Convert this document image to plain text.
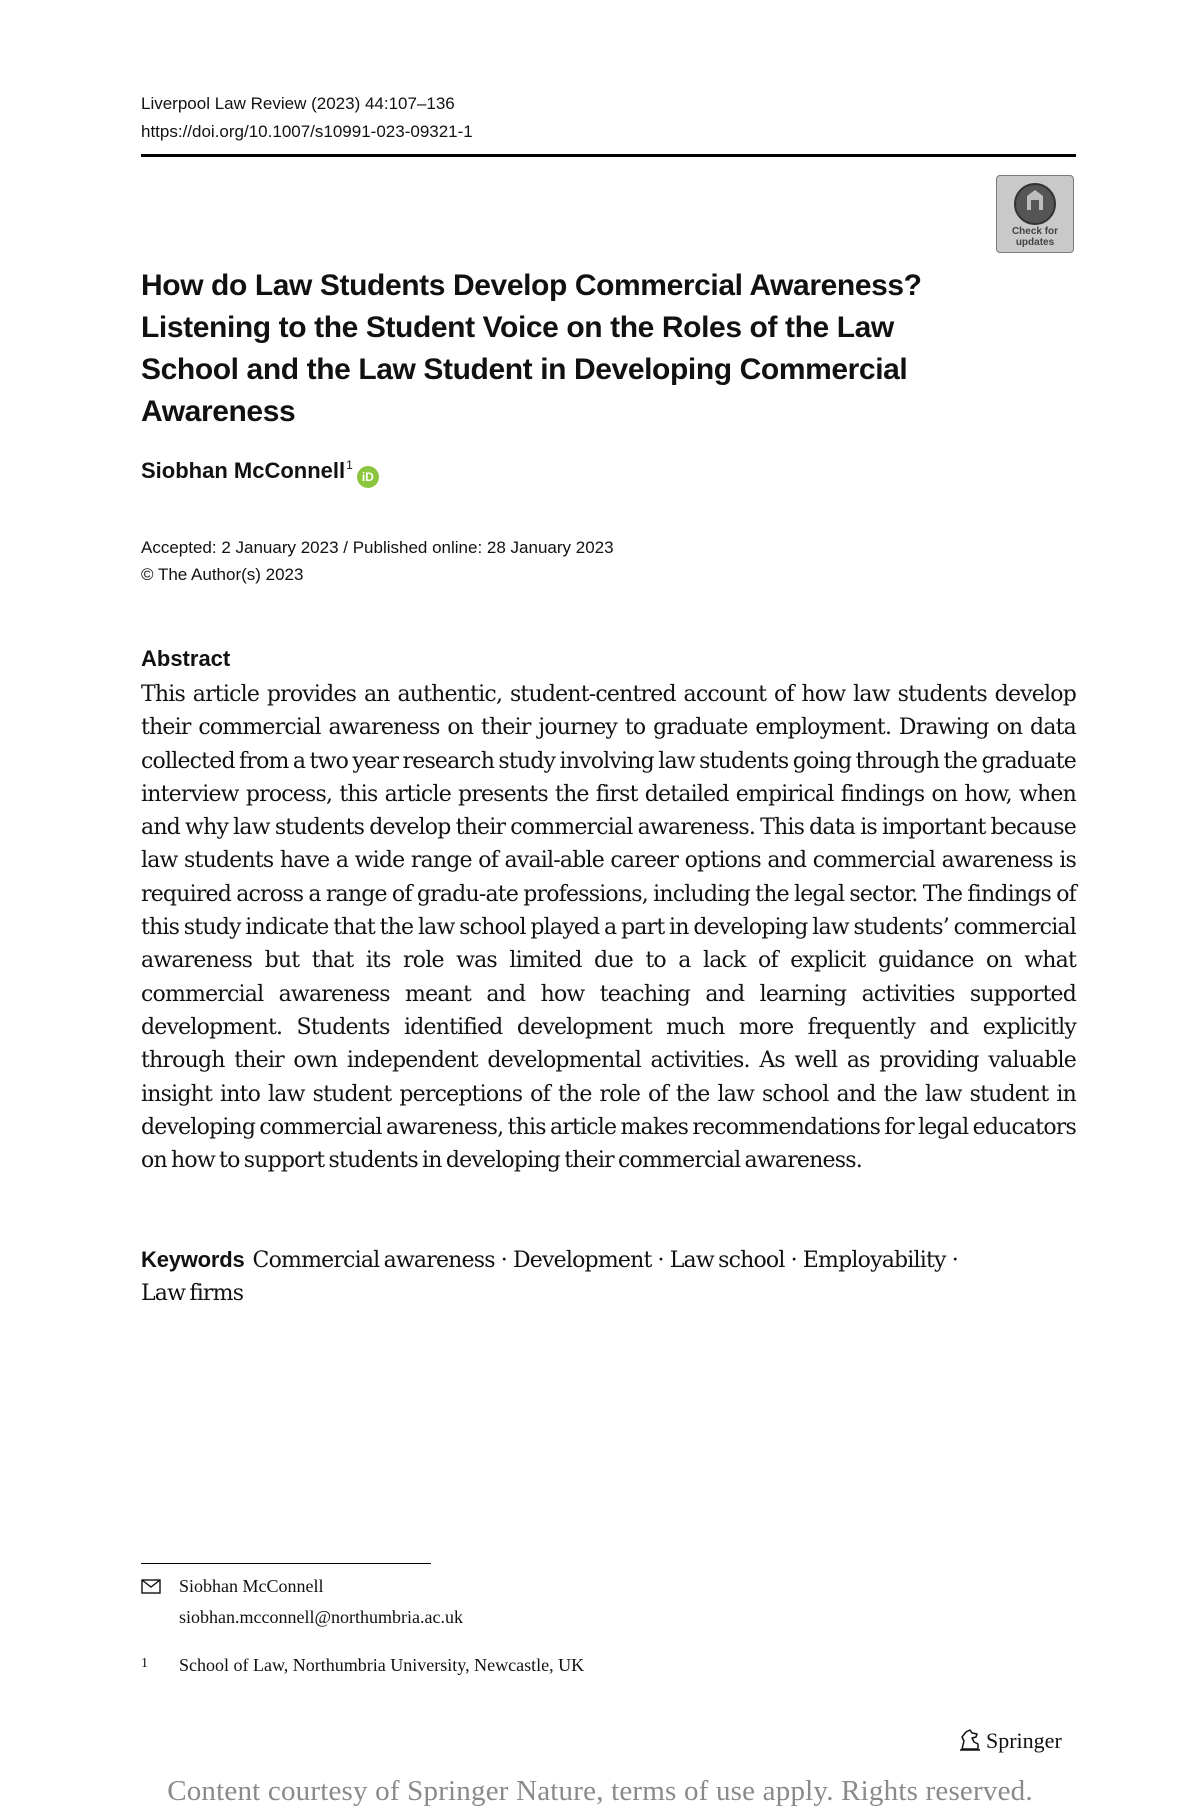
Liverpool Law Review (2023) 44:107–136
https://doi.org/10.1007/s10991-023-09321-1
Check for
updates
How do Law Students Develop Commercial Awareness? Listening to the Student Voice on the Roles of the Law School and the Law Student in Developing Commercial Awareness
Siobhan McConnell$^1$iD
Accepted: 2 January 2023 / Published online: 28 January 2023
© The Author(s) 2023
Abstract

This article provides an authentic, student-centred account of how law students develop their commercial awareness on their journey to graduate employment. Drawing on data collected from a two year research study involving law students going through the graduate interview process, this article presents the first detailed empirical findings on how, when and why law students develop their commercial awareness. This data is important because law students have a wide range of avail-able career options and commercial awareness is required across a range of gradu-ate professions, including the legal sector. The findings of this study indicate that the law school played a part in developing law students’ commercial awareness but that its role was limited due to a lack of explicit guidance on what commercial awareness meant and how teaching and learning activities supported development. Students identified development much more frequently and explicitly through their own independent developmental activities. As well as providing valuable insight into law student perceptions of the role of the law school and the law student in developing commercial awareness, this article makes recommendations for legal educators on how to support students in developing their commercial awareness.

Keywords Commercial awareness · Development · Law school · Employability ·
Law firms
Siobhan McConnell
siobhan.mcconnell@northumbria.ac.uk
1 School of Law, Northumbria University, Newcastle, UK
Springer
Content courtesy of Springer Nature, terms of use apply. Rights reserved.
